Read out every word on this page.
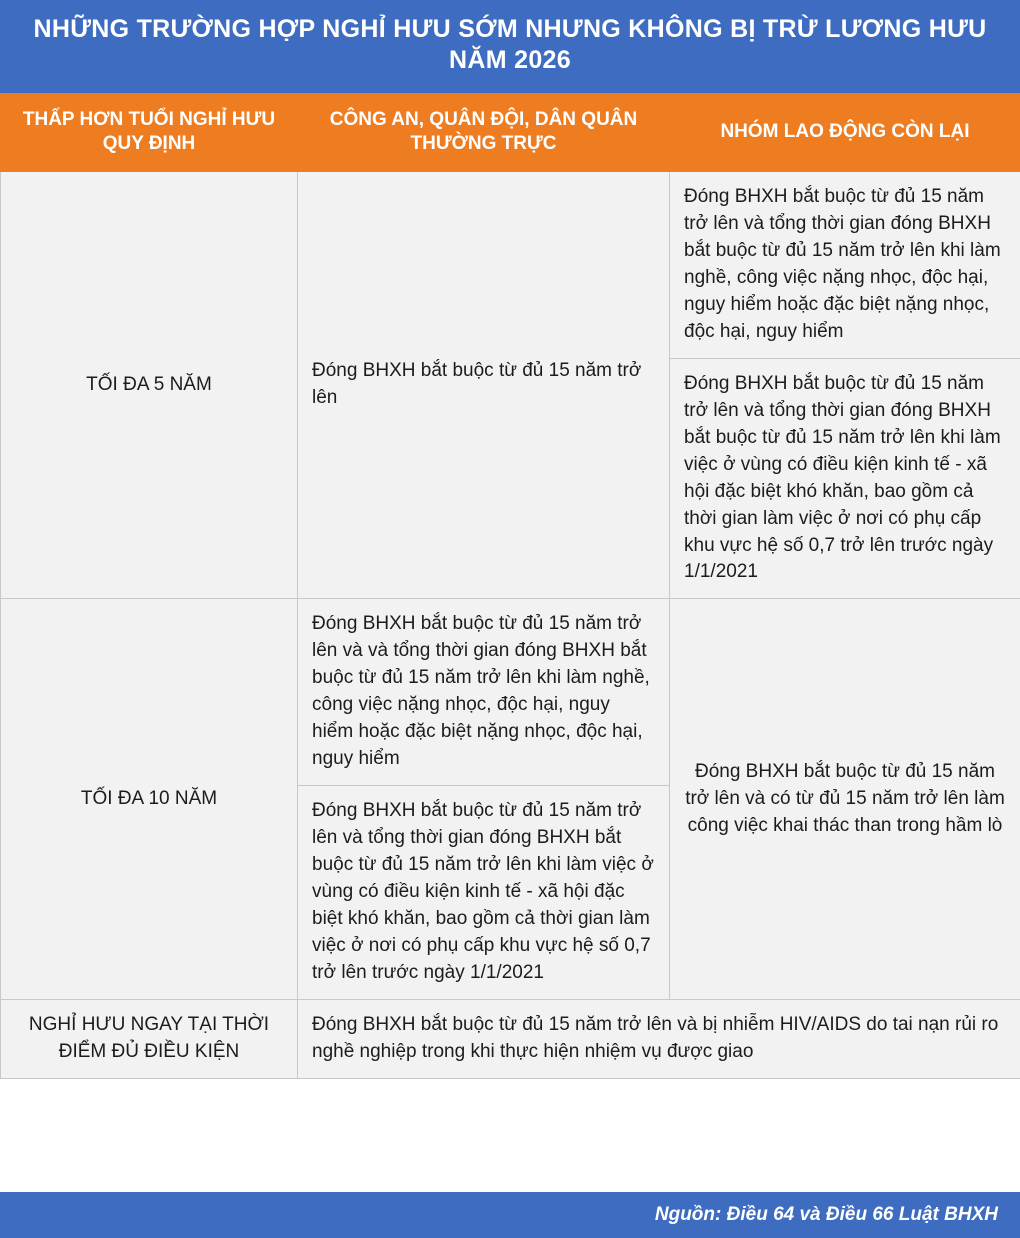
NHỮNG TRƯỜNG HỢP NGHỈ HƯU SỚM NHƯNG KHÔNG BỊ TRỪ LƯƠNG HƯU NĂM 2026
THẤP HƠN TUỔI NGHỈ HƯU QUY ĐỊNH	CÔNG AN, QUÂN ĐỘI, DÂN QUÂN THƯỜNG TRỰC	NHÓM LAO ĐỘNG CÒN LẠI
TỐI ĐA 5 NĂM	Đóng BHXH bắt buộc từ đủ 15 năm trở lên	Đóng BHXH bắt buộc từ đủ 15 năm trở lên và tổng thời gian đóng BHXH bắt buộc từ đủ 15 năm trở lên khi làm nghề, công việc nặng nhọc, độc hại, nguy hiểm hoặc đặc biệt nặng nhọc, độc hại, nguy hiểm
Đóng BHXH bắt buộc từ đủ 15 năm trở lên và tổng thời gian đóng BHXH bắt buộc từ đủ 15 năm trở lên khi làm việc ở vùng có điều kiện kinh tế - xã hội đặc biệt khó khăn, bao gồm cả thời gian làm việc ở nơi có phụ cấp khu vực hệ số 0,7 trở lên trước ngày 1/1/2021

TỐI ĐA 10 NĂM	Đóng BHXH bắt buộc từ đủ 15 năm trở lên và và tổng thời gian đóng BHXH bắt buộc từ đủ 15 năm trở lên khi làm nghề, công việc nặng nhọc, độc hại, nguy hiểm hoặc đặc biệt nặng nhọc, độc hại, nguy hiểm
Đóng BHXH bắt buộc từ đủ 15 năm trở lên và tổng thời gian đóng BHXH bắt buộc từ đủ 15 năm trở lên khi làm việc ở vùng có điều kiện kinh tế - xã hội đặc biệt khó khăn, bao gồm cả thời gian làm việc ở nơi có phụ cấp khu vực hệ số 0,7 trở lên trước ngày 1/1/2021	Đóng BHXH bắt buộc từ đủ 15 năm trở lên và có từ đủ 15 năm trở lên làm công việc khai thác than trong hầm lò
NGHỈ HƯU NGAY TẠI THỜI ĐIỂM ĐỦ ĐIỀU KIỆN	Đóng BHXH bắt buộc từ đủ 15 năm trở lên và bị nhiễm HIV/AIDS do tai nạn rủi ro nghề nghiệp trong khi thực hiện nhiệm vụ được giao	
Nguồn: Điều 64 và Điều 66 Luật BHXH
